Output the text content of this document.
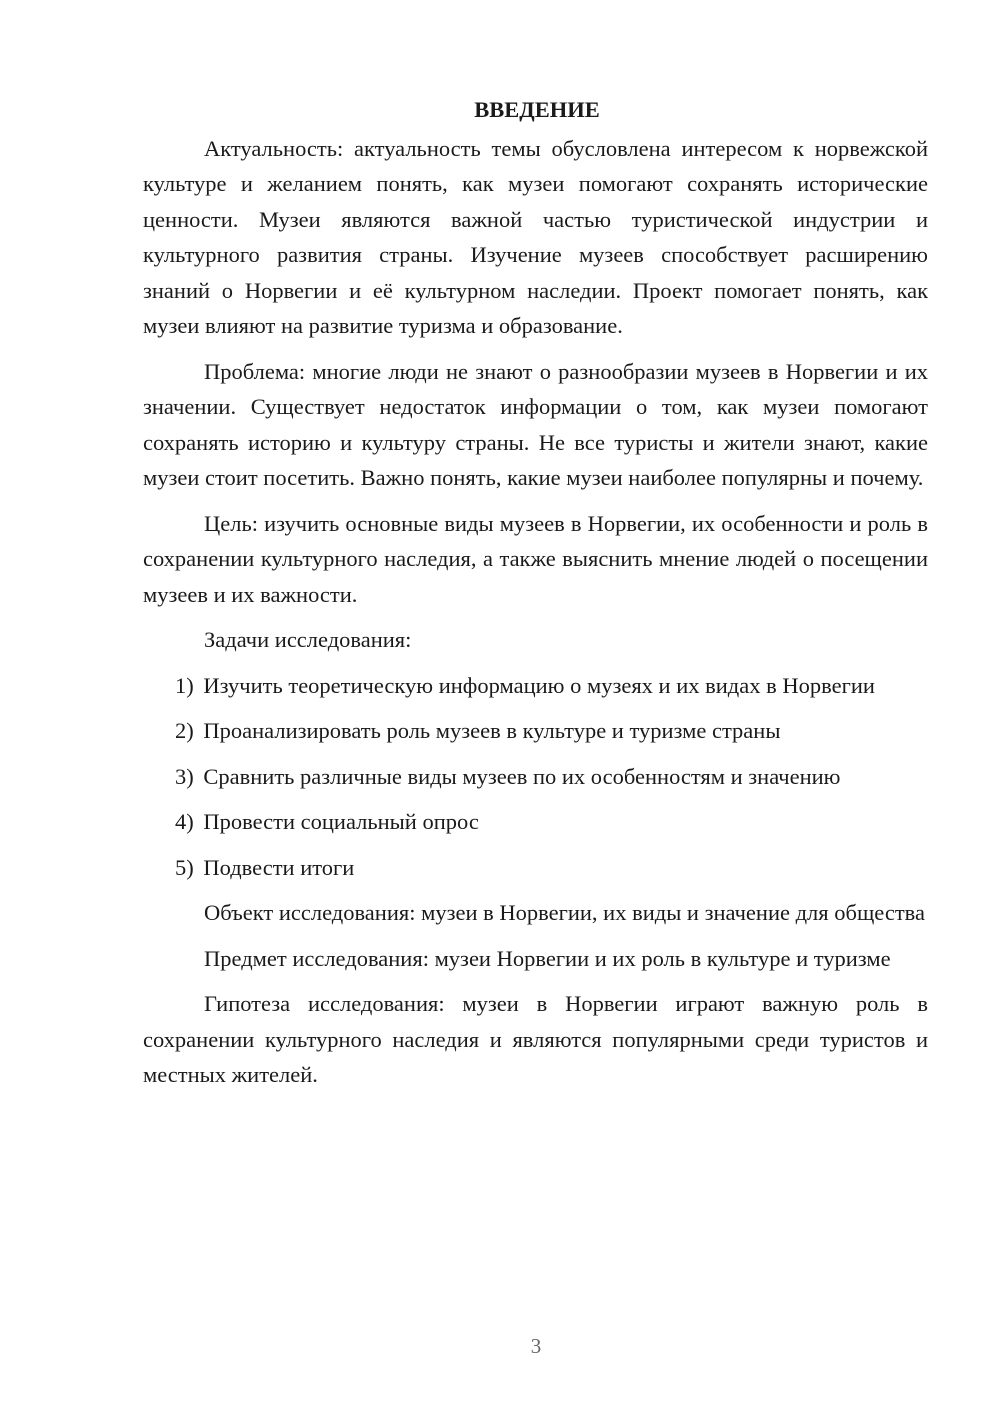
ВВЕДЕНИЕ

Актуальность: актуальность темы обусловлена интересом к норвежской культуре и желанием понять, как музеи помогают сохранять исторические ценности. Музеи являются важной частью туристической индустрии и культурного развития страны. Изучение музеев способствует расширению знаний о Норвегии и её культурном наследии. Проект помогает понять, как музеи влияют на развитие туризма и образование.

Проблема: многие люди не знают о разнообразии музеев в Норвегии и их значении. Существует недостаток информации о том, как музеи помогают сохранять историю и культуру страны. Не все туристы и жители знают, какие музеи стоит посетить. Важно понять, какие музеи наиболее популярны и почему.

Цель: изучить основные виды музеев в Норвегии, их особенности и роль в сохранении культурного наследия, а также выяснить мнение людей о посещении музеев и их важности.

Задачи исследования:

1) Изучить теоретическую информацию о музеях и их видах в Норвегии
2) Проанализировать роль музеев в культуре и туризме страны
3) Сравнить различные виды музеев по их особенностям и значению
4) Провести социальный опрос
5) Подвести итоги

Объект исследования: музеи в Норвегии, их виды и значение для общества

Предмет исследования: музеи Норвегии и их роль в культуре и туризме

Гипотеза исследования: музеи в Норвегии играют важную роль в сохранении культурного наследия и являются популярными среди туристов и местных жителей.

3
